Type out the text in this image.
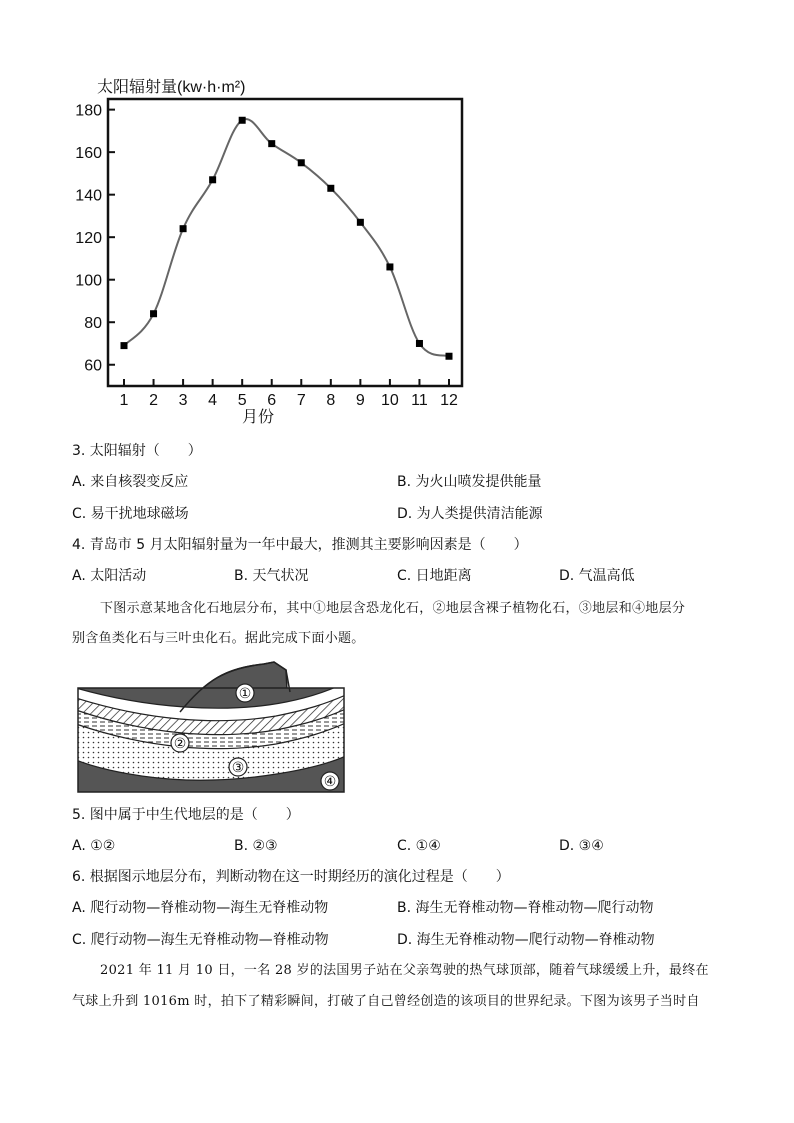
太阳辐射量(kw·h·m²)
60
80
100
120
140
160
180
1 2 3 4 5 6 7 8 9 10 11 12
月份
3. 太阳辐射（　　）
A. 来自核裂变反应	B. 为火山喷发提供能量
C. 易干扰地球磁场	D. 为人类提供清洁能源
4. 青岛市 5 月太阳辐射量为一年中最大，推测其主要影响因素是（　　）
A. 太阳活动	B. 天气状况	C. 日地距离	D. 气温高低
下图示意某地含化石地层分布，其中①地层含恐龙化石，②地层含裸子植物化石，③地层和④地层分
别含鱼类化石与三叶虫化石。据此完成下面小题。
①
②
③
④
5. 图中属于中生代地层的是（　　）
A. ①②	B. ②③	C. ①④	D. ③④
6. 根据图示地层分布，判断动物在这一时期经历的演化过程是（　　）
A. 爬行动物—脊椎动物—海生无脊椎动物	B. 海生无脊椎动物—脊椎动物—爬行动物
C. 爬行动物—海生无脊椎动物—脊椎动物	D. 海生无脊椎动物—爬行动物—脊椎动物
2021 年 11 月 10 日，一名 28 岁的法国男子站在父亲驾驶的热气球顶部，随着气球缓缓上升，最终在
气球上升到 1016m 时，拍下了精彩瞬间，打破了自己曾经创造的该项目的世界纪录。下图为该男子当时自
